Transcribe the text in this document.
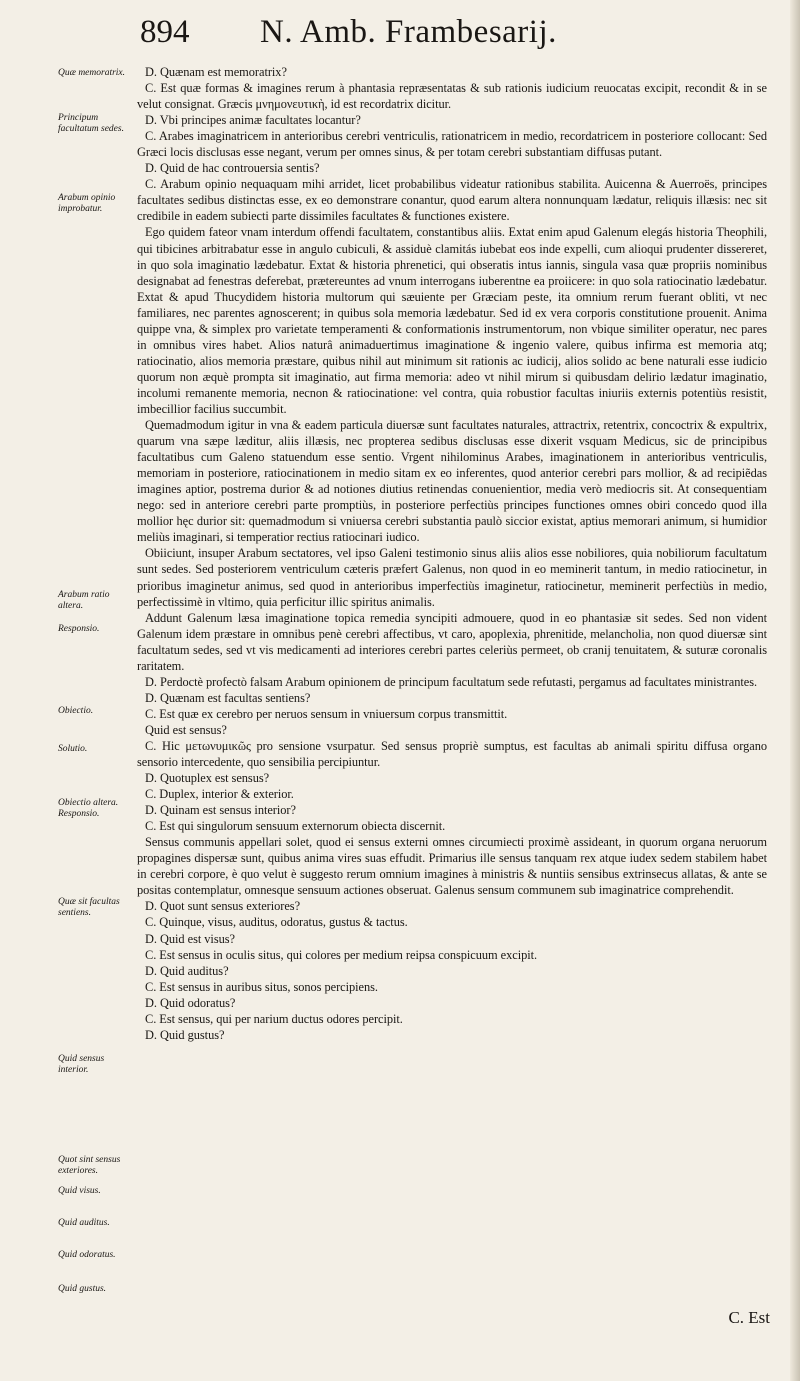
894	N. Amb. Frambesarij.
Quæ memoratrix.
Principum facultatum sedes.
Arabum opinio improbatur.
Arabum ratio altera.
Responsio.
Obiectio.
Solutio.
Obiectio altera.
Responsio.
Quæ sit facultas sentiens.
Quid sensus interior.
Quot sint sensus exteriores.
Quid visus.
Quid auditus.
Quid odoratus.
Quid gustus.

D. Quænam est memoratrix?

C. Est quæ formas & imagines rerum à phantasia repræsentatas & sub rationis iudicium reuocatas excipit, recondit & in se velut consignat. Græcis μνημονευτικὴ, id est recordatrix dicitur.

D. Vbi principes animæ facultates locantur?

C. Arabes imaginatricem in anterioribus cerebri ventriculis, rationatricem in medio, recordatricem in posteriore collocant: Sed Græci locis disclusas esse negant, verum per omnes sinus, & per totam cerebri substantiam diffusas putant.

D. Quid de hac controuersia sentis?

C. Arabum opinio nequaquam mihi arridet, licet probabilibus videatur rationibus stabilita. Auicenna & Auerroës, principes facultates sedibus distinctas esse, ex eo demonstrare conantur, quod earum altera nonnunquam lædatur, reliquis illæsis: nec sit credibile in eadem subiecti parte dissimiles facultates & functiones existere.

Ego quidem fateor vnam interdum offendi facultatem, constantibus aliis. Extat enim apud Galenum elegás historia Theophili, qui tibicines arbitrabatur esse in angulo cubiculi, & assiduè clamitás iubebat eos inde expelli, cum alioqui prudenter dissereret, in quo sola imaginatio lædebatur. Extat & historia phrenetici, qui obseratis intus iannis, singula vasa quæ propriis nominibus designabat ad fenestras deferebat, prætereuntes ad vnum interrogans iuberentne ea proiicere: in quo sola ratiocinatio lædebatur. Extat & apud Thucydidem historia multorum qui sæuiente per Græciam peste, ita omnium rerum fuerant obliti, vt nec familiares, nec parentes agnoscerent; in quibus sola memoria lædebatur. Sed id ex vera corporis constitutione prouenit. Anima quippe vna, & simplex pro varietate temperamenti & conformationis instrumentorum, non vbique similiter operatur, nec pares in omnibus vires habet. Alios naturâ animaduertimus imaginatione & ingenio valere, quibus infirma est memoria atq; ratiocinatio, alios memoria præstare, quibus nihil aut minimum sit rationis ac iudicij, alios solido ac bene naturali esse iudicio quorum non æquè prompta sit imaginatio, aut firma memoria: adeo vt nihil mirum si quibusdam delirio lædatur imaginatio, incolumi remanente memoria, necnon & ratiocinatione: vel contra, quia robustior facultas iniuriis externis potentiùs resistit, imbecillior facilius succumbit.

Quemadmodum igitur in vna & eadem particula diuersæ sunt facultates naturales, attractrix, retentrix, concoctrix & expultrix, quarum vna sæpe læditur, aliis illæsis, nec propterea sedibus disclusas esse dixerit vsquam Medicus, sic de principibus facultatibus cum Galeno statuendum esse sentio. Vrgent nihilominus Arabes, imaginationem in anterioribus ventriculis, memoriam in posteriore, ratiocinationem in medio sitam ex eo inferentes, quod anterior cerebri pars mollior, & ad recipiẽdas imagines aptior, postrema durior & ad notiones diutius retinendas conuenientior, media verò mediocris sit. At consequentiam nego: sed in anteriore cerebri parte promptiùs, in posteriore perfectiùs principes functiones omnes obiri concedo quod illa mollior hęc durior sit: quemadmodum si vniuersa cerebri substantia paulò siccior existat, aptius memorari animum, si humidior meliùs imaginari, si temperatior rectius ratiocinari iudico.

Obiiciunt, insuper Arabum sectatores, vel ipso Galeni testimonio sinus aliis alios esse nobiliores, quia nobiliorum facultatum sunt sedes. Sed posteriorem ventriculum cæteris præfert Galenus, non quod in eo meminerit tantum, in medio ratiocinetur, in prioribus imaginetur animus, sed quod in anterioribus imperfectiùs imaginetur, ratiocinetur, meminerit perfectiùs in medio, perfectissimè in vltimo, quia perficitur illic spiritus animalis.

Addunt Galenum læsa imaginatione topica remedia syncipiti admouere, quod in eo phantasiæ sit sedes. Sed non vident Galenum idem præstare in omnibus penè cerebri affectibus, vt caro, apoplexia, phrenitide, melancholia, non quod diuersæ sint facultatum sedes, sed vt vis medicamenti ad interiores cerebri partes celeriùs permeet, ob cranij tenuitatem, & suturæ coronalis raritatem.

D. Perdoctè profectò falsam Arabum opinionem de principum facultatum sede refutasti, pergamus ad facultates ministrantes.

D. Quænam est facultas sentiens?

C. Est quæ ex cerebro per neruos sensum in vniuersum corpus transmittit.

Quid est sensus?

C. Hic μετωνυμικῶς pro sensione vsurpatur. Sed sensus propriè sumptus, est facultas ab animali spiritu diffusa organo sensorio intercedente, quo sensibilia percipiuntur.

D. Quotuplex est sensus?

C. Duplex, interior & exterior.

D. Quinam est sensus interior?

C. Est qui singulorum sensuum externorum obiecta discernit.

Sensus communis appellari solet, quod ei sensus externi omnes circumiecti proximè assideant, in quorum organa neruorum propagines dispersæ sunt, quibus anima vires suas effudit. Primarius ille sensus tanquam rex atque iudex sedem stabilem habet in cerebri corpore, è quo velut è suggesto rerum omnium imagines à ministris & nuntiis sensibus extrinsecus allatas, & ante se positas contemplatur, omnesque sensuum actiones obseruat. Galenus sensum communem sub imaginatrice comprehendit.

D. Quot sunt sensus exteriores?

C. Quinque, visus, auditus, odoratus, gustus & tactus.

D. Quid est visus?

C. Est sensus in oculis situs, qui colores per medium reipsa conspicuum excipit.

D. Quid auditus?

C. Est sensus in auribus situs, sonos percipiens.

D. Quid odoratus?

C. Est sensus, qui per narium ductus odores percipit.

D. Quid gustus?

C. Est
